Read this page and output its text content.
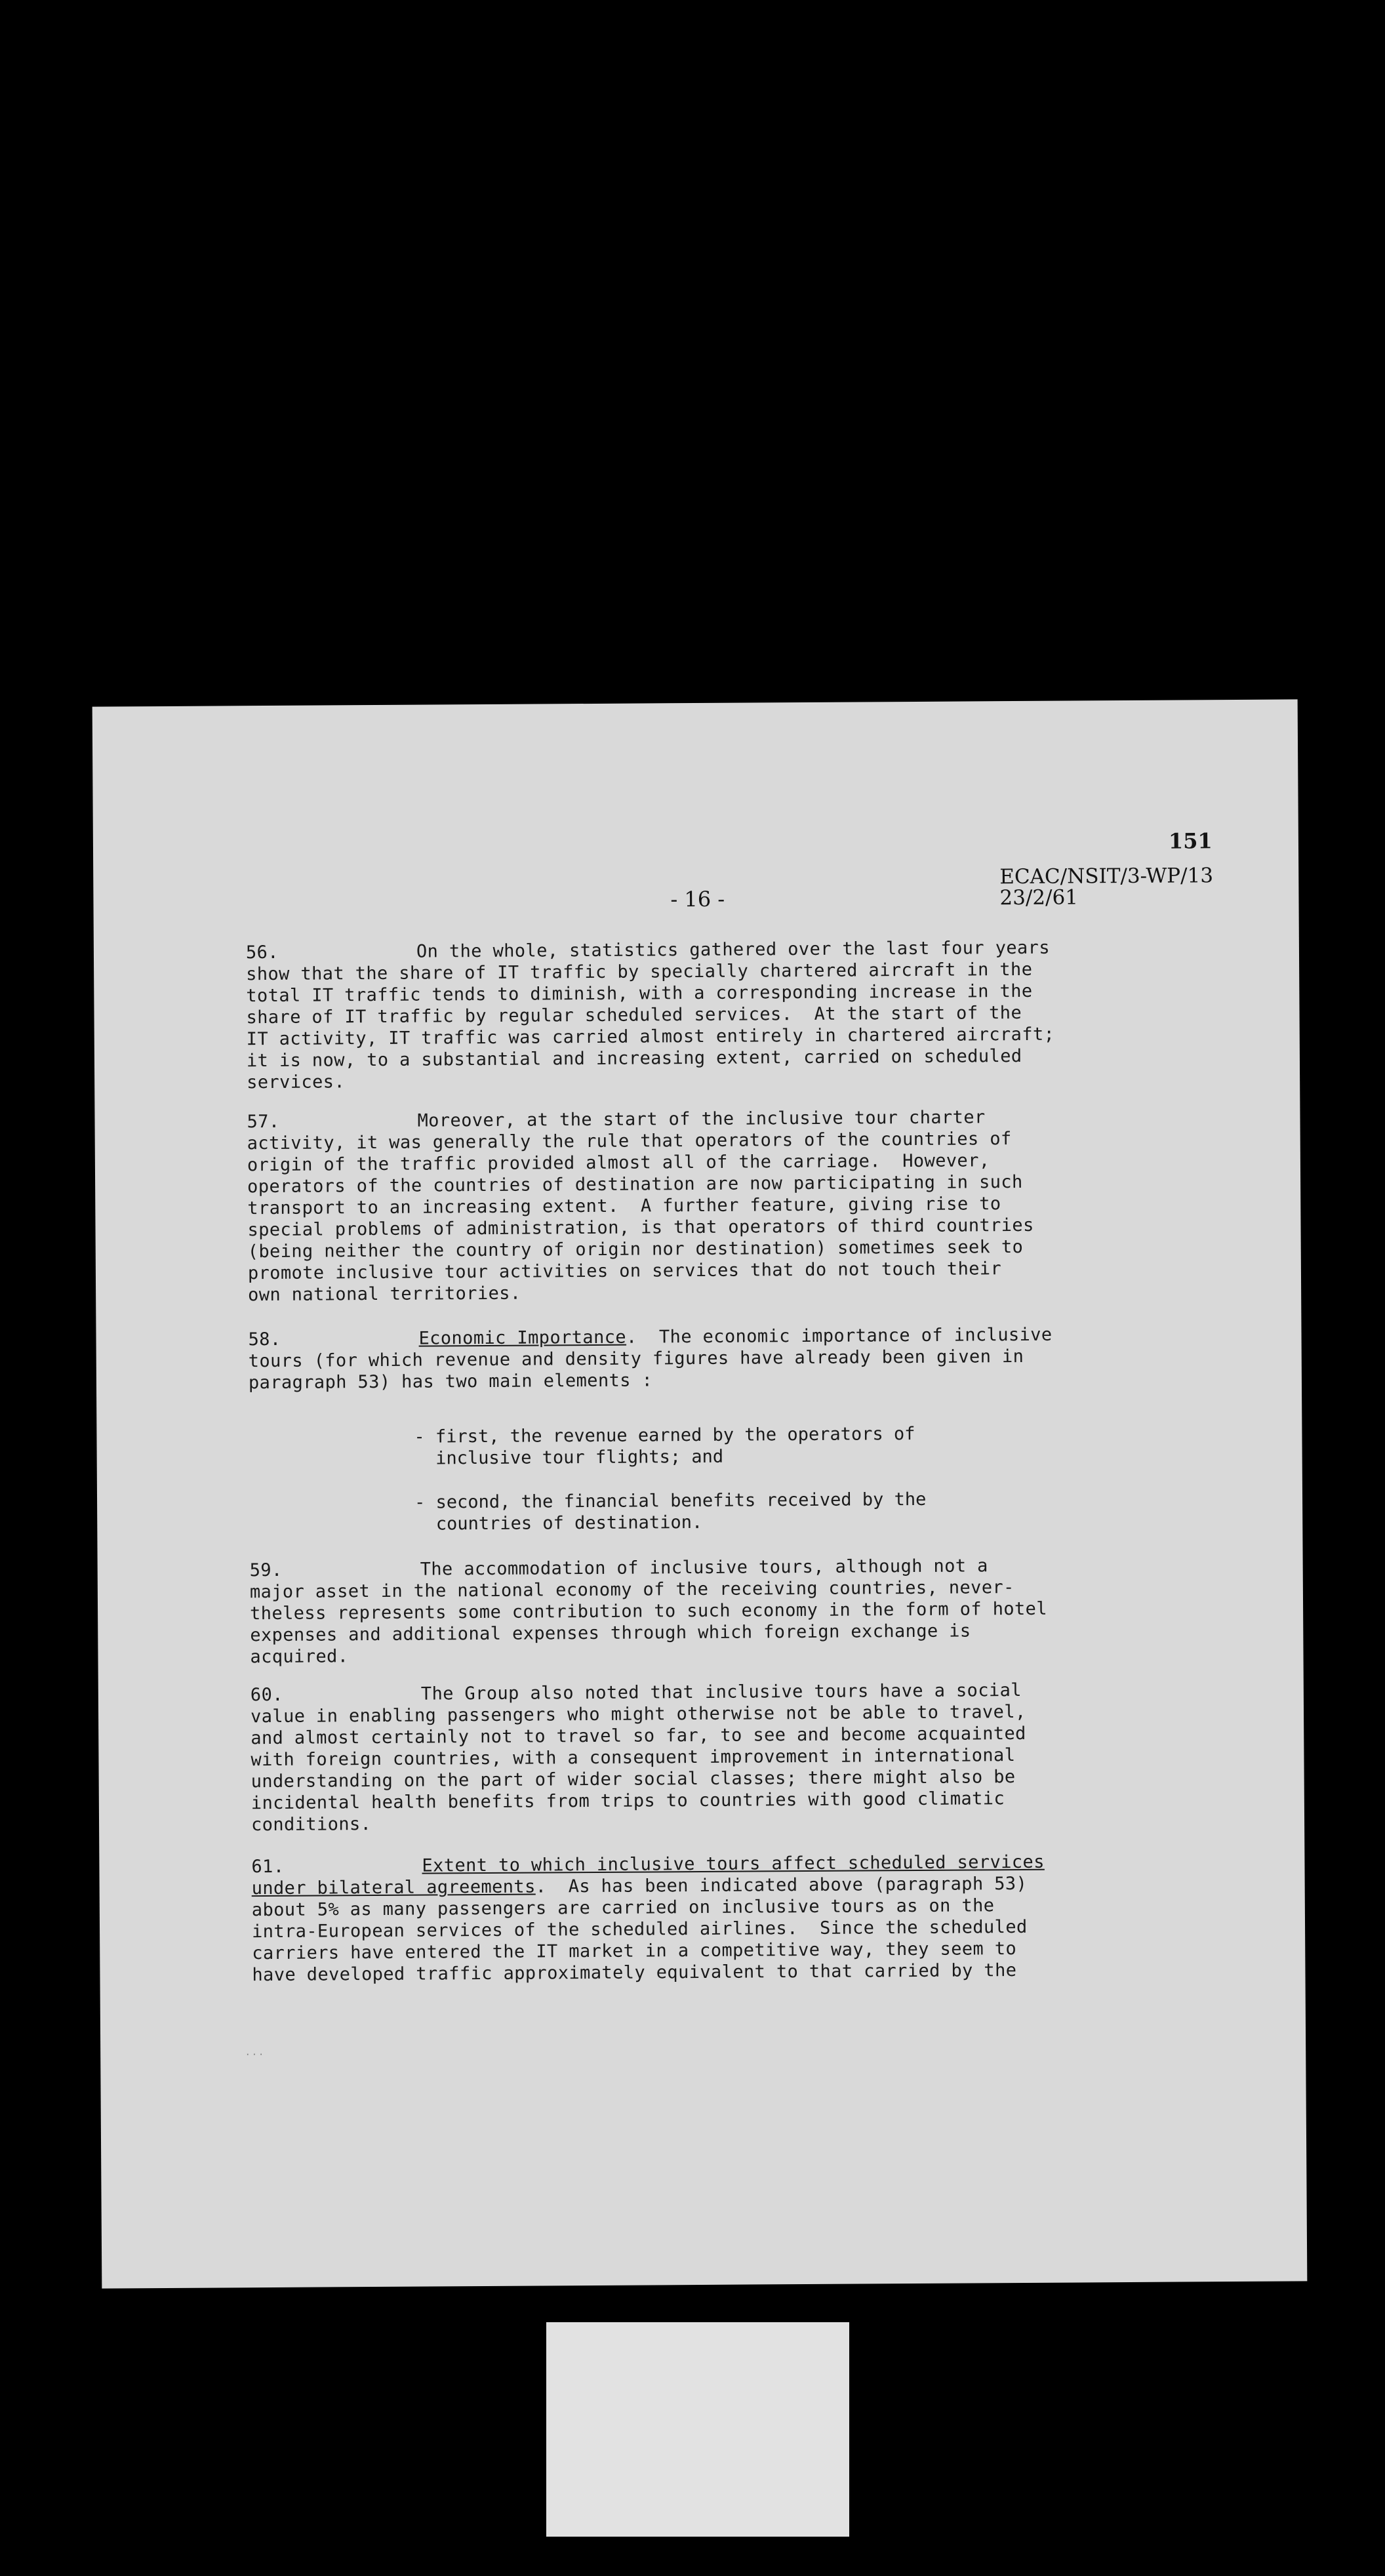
151
- 16 -
ECAC/NSIT/3-WP/13
23/2/61
56.	On the whole, statistics gathered over the last four years
show that the share of IT traffic by specially chartered aircraft in the
total IT traffic tends to diminish, with a corresponding increase in the
share of IT traffic by regular scheduled services.  At the start of the
IT activity, IT traffic was carried almost entirely in chartered aircraft;
it is now, to a substantial and increasing extent, carried on scheduled
services.
57.	Moreover, at the start of the inclusive tour charter
activity, it was generally the rule that operators of the countries of
origin of the traffic provided almost all of the carriage.  However,
operators of the countries of destination are now participating in such
transport to an increasing extent.  A further feature, giving rise to
special problems of administration, is that operators of third countries
(being neither the country of origin nor destination) sometimes seek to
promote inclusive tour activities on services that do not touch their
own national territories.
58.	Economic Importance.  The economic importance of inclusive
tours (for which revenue and density figures have already been given in
paragraph 53) has two main elements :
- first, the revenue earned by the operators of
inclusive tour flights; and
- second, the financial benefits received by the
countries of destination.
59.	The accommodation of inclusive tours, although not a
major asset in the national economy of the receiving countries, never-
theless represents some contribution to such economy in the form of hotel
expenses and additional expenses through which foreign exchange is
acquired.
60.	The Group also noted that inclusive tours have a social
value in enabling passengers who might otherwise not be able to travel,
and almost certainly not to travel so far, to see and become acquainted
with foreign countries, with a consequent improvement in international
understanding on the part of wider social classes; there might also be
incidental health benefits from trips to countries with good climatic
conditions.
61.	Extent to which inclusive tours affect scheduled services
under bilateral agreements.  As has been indicated above (paragraph 53)
about 5% as many passengers are carried on inclusive tours as on the
intra-European services of the scheduled airlines.  Since the scheduled
carriers have entered the IT market in a competitive way, they seem to
have developed traffic approximately equivalent to that carried by the
· · ·
